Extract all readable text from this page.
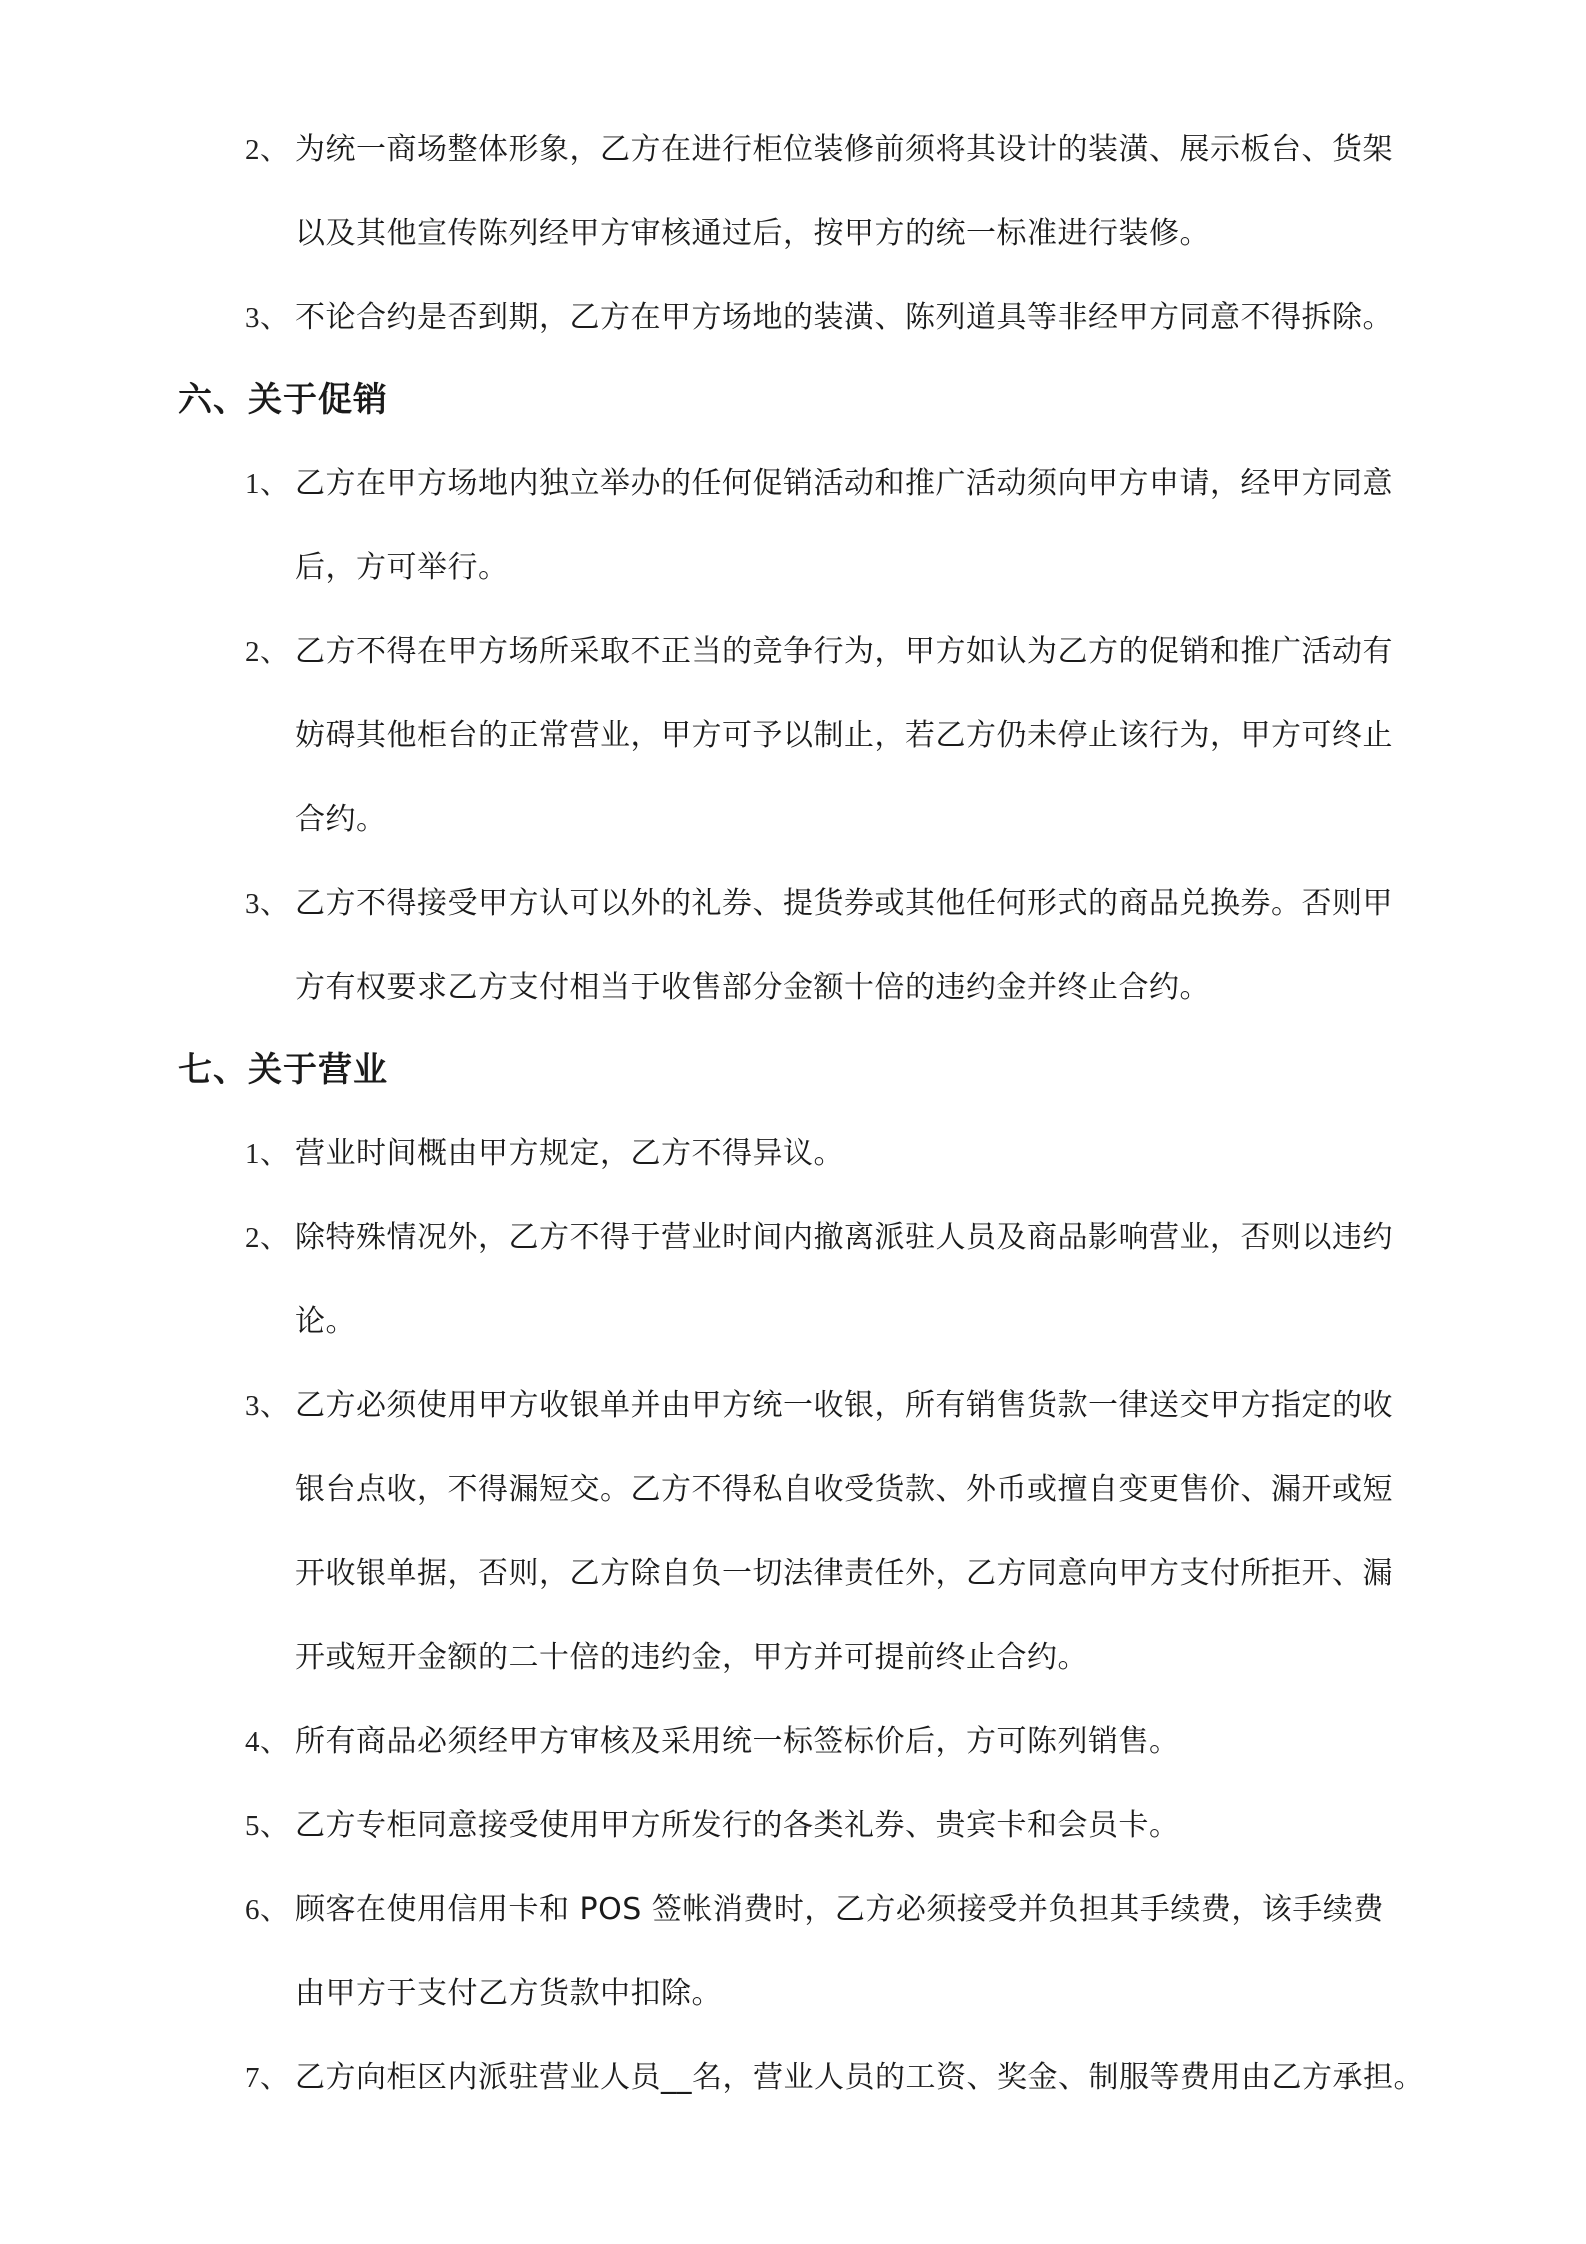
2、 为统一商场整体形象，乙方在进行柜位装修前须将其设计的装潢、展示板台、货架
以及其他宣传陈列经甲方审核通过后，按甲方的统一标准进行装修。
3、 不论合约是否到期，乙方在甲方场地的装潢、陈列道具等非经甲方同意不得拆除。
六、关于促销
1、 乙方在甲方场地内独立举办的任何促销活动和推广活动须向甲方申请，经甲方同意
后，方可举行。
2、 乙方不得在甲方场所采取不正当的竞争行为，甲方如认为乙方的促销和推广活动有
妨碍其他柜台的正常营业，甲方可予以制止，若乙方仍未停止该行为，甲方可终止
合约。
3、 乙方不得接受甲方认可以外的礼券、提货券或其他任何形式的商品兑换券。否则甲
方有权要求乙方支付相当于收售部分金额十倍的违约金并终止合约。
七、关于营业
1、 营业时间概由甲方规定，乙方不得异议。
2、 除特殊情况外，乙方不得于营业时间内撤离派驻人员及商品影响营业，否则以违约
论。
3、 乙方必须使用甲方收银单并由甲方统一收银，所有销售货款一律送交甲方指定的收
银台点收，不得漏短交。乙方不得私自收受货款、外币或擅自变更售价、漏开或短
开收银单据，否则，乙方除自负一切法律责任外，乙方同意向甲方支付所拒开、漏
开或短开金额的二十倍的违约金，甲方并可提前终止合约。
4、 所有商品必须经甲方审核及采用统一标签标价后，方可陈列销售。
5、 乙方专柜同意接受使用甲方所发行的各类礼券、贵宾卡和会员卡。
6、 顾客在使用信用卡和 POS 签帐消费时，乙方必须接受并负担其手续费，该手续费
由甲方于支付乙方货款中扣除。
7、 乙方向柜区内派驻营业人员__名，营业人员的工资、奖金、制服等费用由乙方承担。
